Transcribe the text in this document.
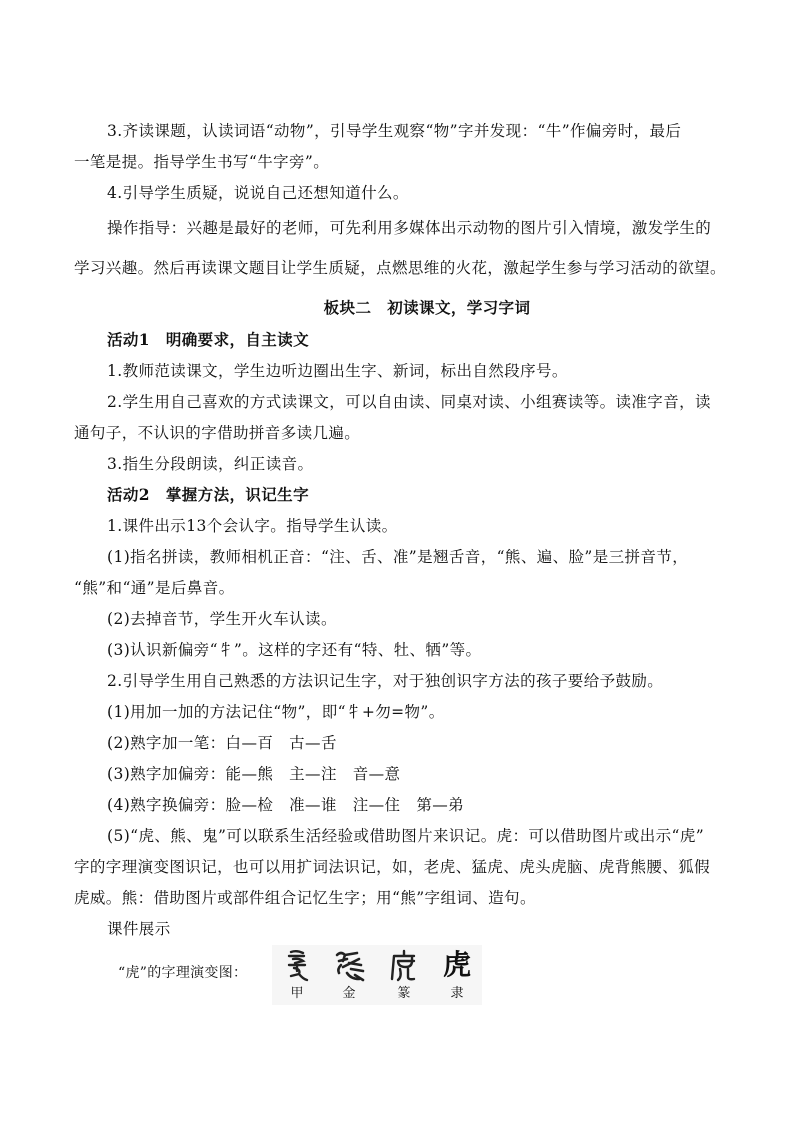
3.齐读课题，认读词语“动物”，引导学生观察“物”字并发现：“牛”作偏旁时，最后
一笔是提。指导学生书写“牛字旁”。
4.引导学生质疑，说说自己还想知道什么。
操作指导：兴趣是最好的老师，可先利用多媒体出示动物的图片引入情境，激发学生的
学习兴趣。然后再读课文题目让学生质疑，点燃思维的火花，激起学生参与学习活动的欲望。
板块二　初读课文，学习字词
活动1　明确要求，自主读文
1.教师范读课文，学生边听边圈出生字、新词，标出自然段序号。
2.学生用自己喜欢的方式读课文，可以自由读、同桌对读、小组赛读等。读准字音，读
通句子，不认识的字借助拼音多读几遍。
3.指生分段朗读，纠正读音。
活动2　掌握方法，识记生字
1.课件出示13个会认字。指导学生认读。
(1)指名拼读，教师相机正音：“注、舌、准”是翘舌音，“熊、遍、脸”是三拼音节，
“熊”和“通”是后鼻音。
(2)去掉音节，学生开火车认读。
(3)认识新偏旁“牜”。这样的字还有“特、牡、牺”等。
2.引导学生用自己熟悉的方法识记生字，对于独创识字方法的孩子要给予鼓励。
(1)用加一加的方法记住“物”，即“牜+勿=物”。
(2)熟字加一笔：白—百　古—舌
(3)熟字加偏旁：能—熊　主—注　音—意
(4)熟字换偏旁：脸—检　准—谁　注—住　第—弟
(5)“虎、熊、鬼”可以联系生活经验或借助图片来识记。虎：可以借助图片或出示“虎”
字的字理演变图识记，也可以用扩词法识记，如，老虎、猛虎、虎头虎脑、虎背熊腰、狐假
虎威。熊：借助图片或部件组合记忆生字；用“熊”字组词、造句。
课件展示
“虎”的字理演变图：
甲	金	篆
虎
隶
